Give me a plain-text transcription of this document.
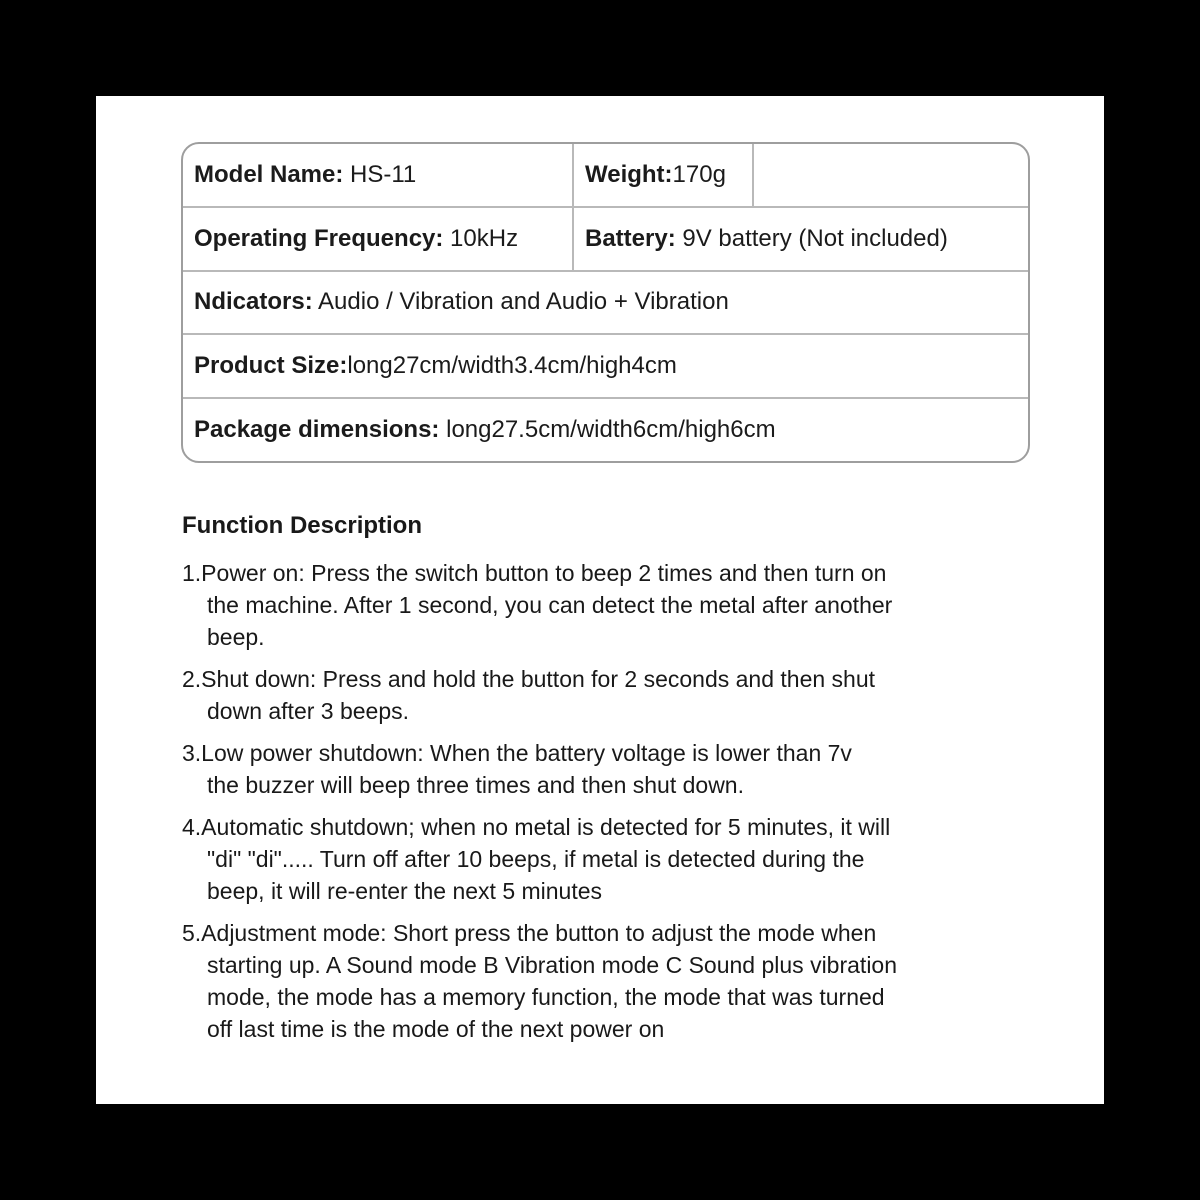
Model Name: HS-11	Weight: 170g
Operating Frequency: 10kHz	Battery: 9V battery (Not included)
Ndicators: Audio / Vibration and Audio + Vibration
Product Size: long27cm/width3.4cm/high4cm
Package dimensions: long27.5cm/width6cm/high6cm
Function Description
1.Power on: Press the switch button to beep 2 times and then turn on
the machine. After 1 second, you can detect the metal after another
beep.
2.Shut down: Press and hold the button for 2 seconds and then shut
down after 3 beeps.
3.Low power shutdown: When the battery voltage is lower than 7v
the buzzer will beep three times and then shut down.
4.Automatic shutdown; when no metal is detected for 5 minutes, it will
"di" "di"..... Turn off after 10 beeps, if metal is detected during the
beep, it will re-enter the next 5 minutes
5.Adjustment mode: Short press the button to adjust the mode when
starting up. A Sound mode B Vibration mode C Sound plus vibration
mode, the mode has a memory function, the mode that was turned
off last time is the mode of the next power on
